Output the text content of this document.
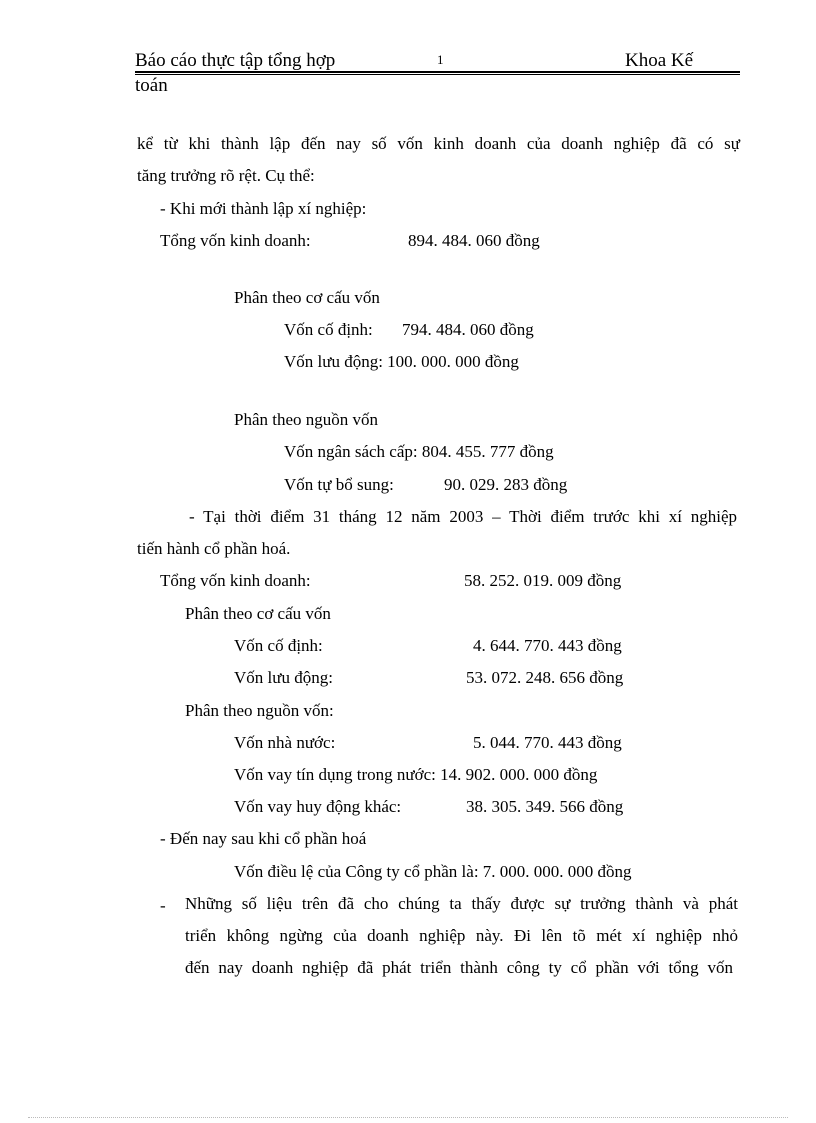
Báo cáo thực tập tổng hợp	1	Khoa Kế
toán
kể từ khi thành lập đến nay số vốn kinh doanh của doanh nghiệp đã có sự
tăng trưởng rõ rệt. Cụ thể:
- Khi mới thành lập xí nghiệp:
Tổng vốn kinh doanh:	894. 484. 060 đồng
Phân theo cơ cấu vốn
Vốn cố định: 794. 484. 060 đồng
Vốn lưu động: 100. 000. 000 đồng
Phân theo nguồn vốn
Vốn ngân sách cấp: 804. 455. 777 đồng
Vốn tự bổ sung:	90. 029. 283 đồng
- Tại thời điểm 31 tháng 12 năm 2003 – Thời điểm trước khi xí nghiệp
tiến hành cổ phần hoá.
Tổng vốn kinh doanh:	58. 252. 019. 009 đồng
Phân theo cơ cấu vốn
Vốn cố định:	4. 644. 770. 443 đồng
Vốn lưu động:	53. 072. 248. 656 đồng
Phân theo nguồn vốn:
Vốn nhà nước:	5. 044. 770. 443 đồng
Vốn vay tín dụng trong nước: 14. 902. 000. 000 đồng
Vốn vay huy động khác:	38. 305. 349. 566 đồng
- Đến nay sau khi cổ phần hoá
Vốn điều lệ của Công ty cổ phần là: 7. 000. 000. 000 đồng
- Những số liệu trên đã cho chúng ta thấy được sự trưởng thành và phát
triển không ngừng của doanh nghiệp này. Đi lên tõ mét xí nghiệp nhỏ
đến nay doanh nghiệp đã phát triển thành công ty cổ phần với tổng vốn
